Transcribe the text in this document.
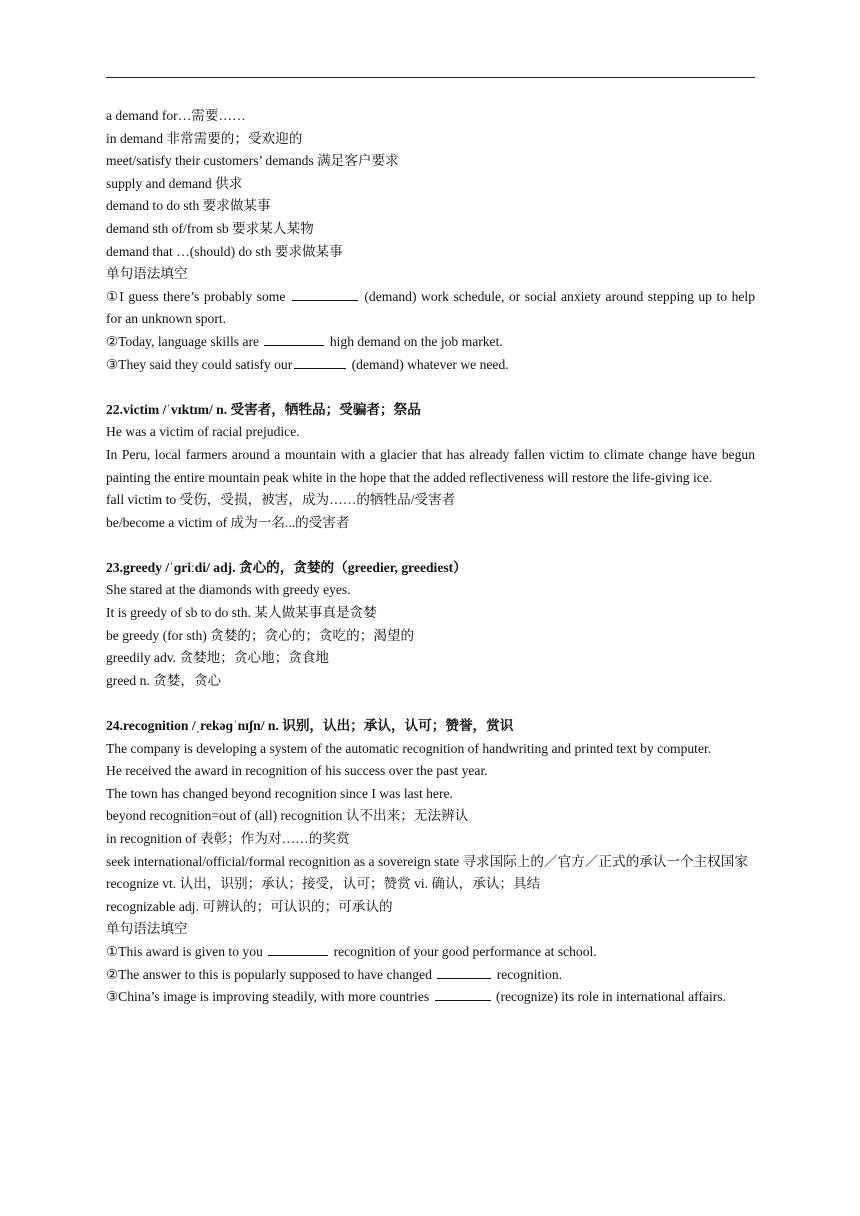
a demand for…需要……
in demand 非常需要的；受欢迎的
meet/satisfy their customers’ demands 满足客户要求
supply and demand 供求
demand to do sth 要求做某事
demand sth of/from sb 要求某人某物
demand that …(should) do sth 要求做某事
单句语法填空
①I guess there’s probably some	(demand) work schedule, or social anxiety around stepping up to help for an unknown sport.
②Today, language skills are	high demand on the job market.
③They said they could satisfy our	(demand) whatever we need.
22.victim /ˈvɪktɪm/ n. 受害者，牺牲品；受骗者；祭品
He was a victim of racial prejudice.
In Peru, local farmers around a mountain with a glacier that has already fallen victim to climate change have begun painting the entire mountain peak white in the hope that the added reflectiveness will restore the life-giving ice.
fall victim to 受伤，受损，被害，成为……的牺牲品/受害者
be/become a victim of 成为一名...的受害者
23.greedy /ˈɡriːdi/ adj. 贪心的，贪婪的（greedier, greediest）
She stared at the diamonds with greedy eyes.
It is greedy of sb to do sth. 某人做某事真是贪婪
be greedy (for sth) 贪婪的；贪心的；贪吃的；渴望的
greedily adv. 贪婪地；贪心地；贪食地
greed n. 贪婪，贪心
24.recognition /ˌrekəɡˈnɪʃn/ n. 识别，认出；承认，认可；赞誉，赏识
The company is developing a system of the automatic recognition of handwriting and printed text by computer.
He received the award in recognition of his success over the past year.
The town has changed beyond recognition since I was last here.
beyond recognition=out of (all) recognition 认不出来；无法辨认
in recognition of 表彰；作为对……的奖赏
seek international/official/formal recognition as a sovereign state 寻求国际上的／官方／正式的承认一个主权国家
recognize vt. 认出，识别；承认；接受，认可；赞赏 vi. 确认，承认；具结
recognizable adj. 可辨认的；可认识的；可承认的
单句语法填空
①This award is given to you	recognition of your good performance at school.
②The answer to this is popularly supposed to have changed	recognition.
③China’s image is improving steadily, with more countries	(recognize) its role in international affairs.
